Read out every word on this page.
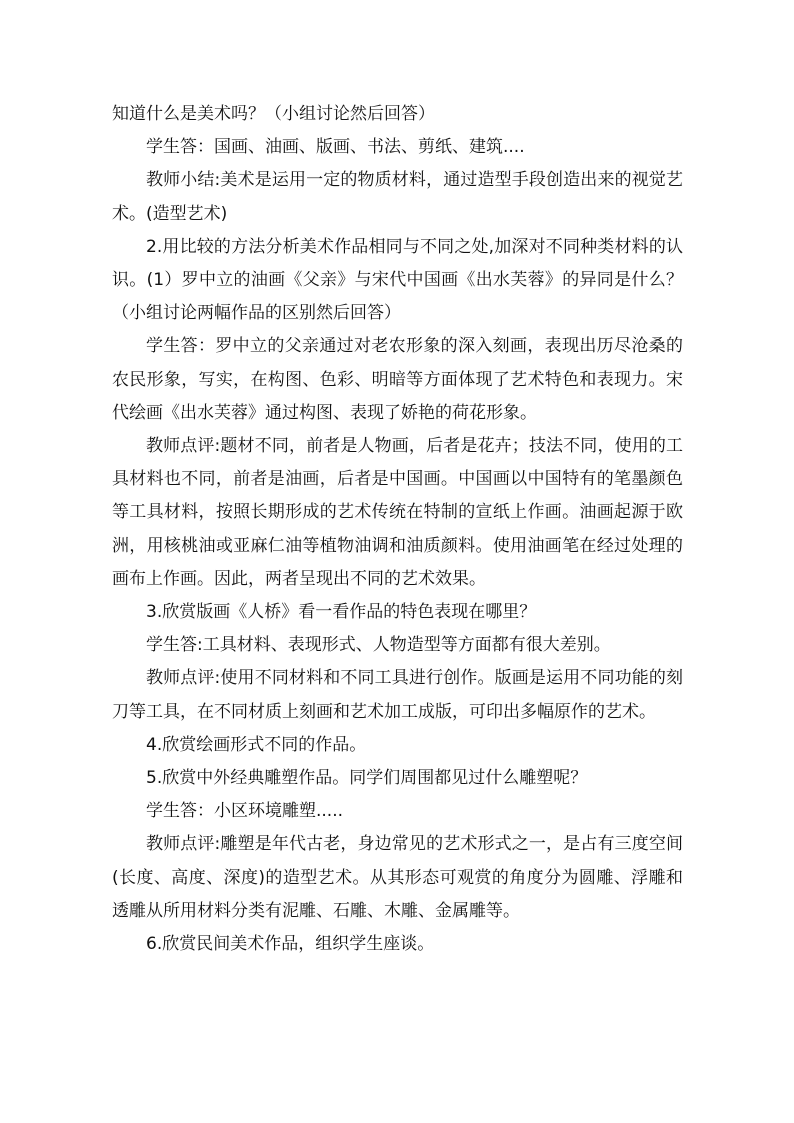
知道什么是美术吗？（小组讨论然后回答）

学生答：国画、油画、版画、书法、剪纸、建筑....

教师小结:美术是运用一定的物质材料，通过造型手段创造出来的视觉艺术。(造型艺术)

2.用比较的方法分析美术作品相同与不同之处,加深对不同种类材料的认识。(1）罗中立的油画《父亲》与宋代中国画《出水芙蓉》的异同是什么？（小组讨论两幅作品的区别然后回答）

学生答：罗中立的父亲通过对老农形象的深入刻画，表现出历尽沧桑的农民形象，写实，在构图、色彩、明暗等方面体现了艺术特色和表现力。宋代绘画《出水芙蓉》通过构图、表现了娇艳的荷花形象。

教师点评:题材不同，前者是人物画，后者是花卉；技法不同，使用的工具材料也不同，前者是油画，后者是中国画。中国画以中国特有的笔墨颜色等工具材料，按照长期形成的艺术传统在特制的宣纸上作画。油画起源于欧洲，用核桃油或亚麻仁油等植物油调和油质颜料。使用油画笔在经过处理的画布上作画。因此，两者呈现出不同的艺术效果。

3.欣赏版画《人桥》看一看作品的特色表现在哪里？

学生答:工具材料、表现形式、人物造型等方面都有很大差别。

教师点评:使用不同材料和不同工具进行创作。版画是运用不同功能的刻刀等工具，在不同材质上刻画和艺术加工成版，可印出多幅原作的艺术。

4.欣赏绘画形式不同的作品。

5.欣赏中外经典雕塑作品。同学们周围都见过什么雕塑呢？

学生答：小区环境雕塑.....

教师点评:雕塑是年代古老，身边常见的艺术形式之一，是占有三度空间(长度、高度、深度)的造型艺术。从其形态可观赏的角度分为圆雕、浮雕和透雕从所用材料分类有泥雕、石雕、木雕、金属雕等。

6.欣赏民间美术作品，组织学生座谈。
